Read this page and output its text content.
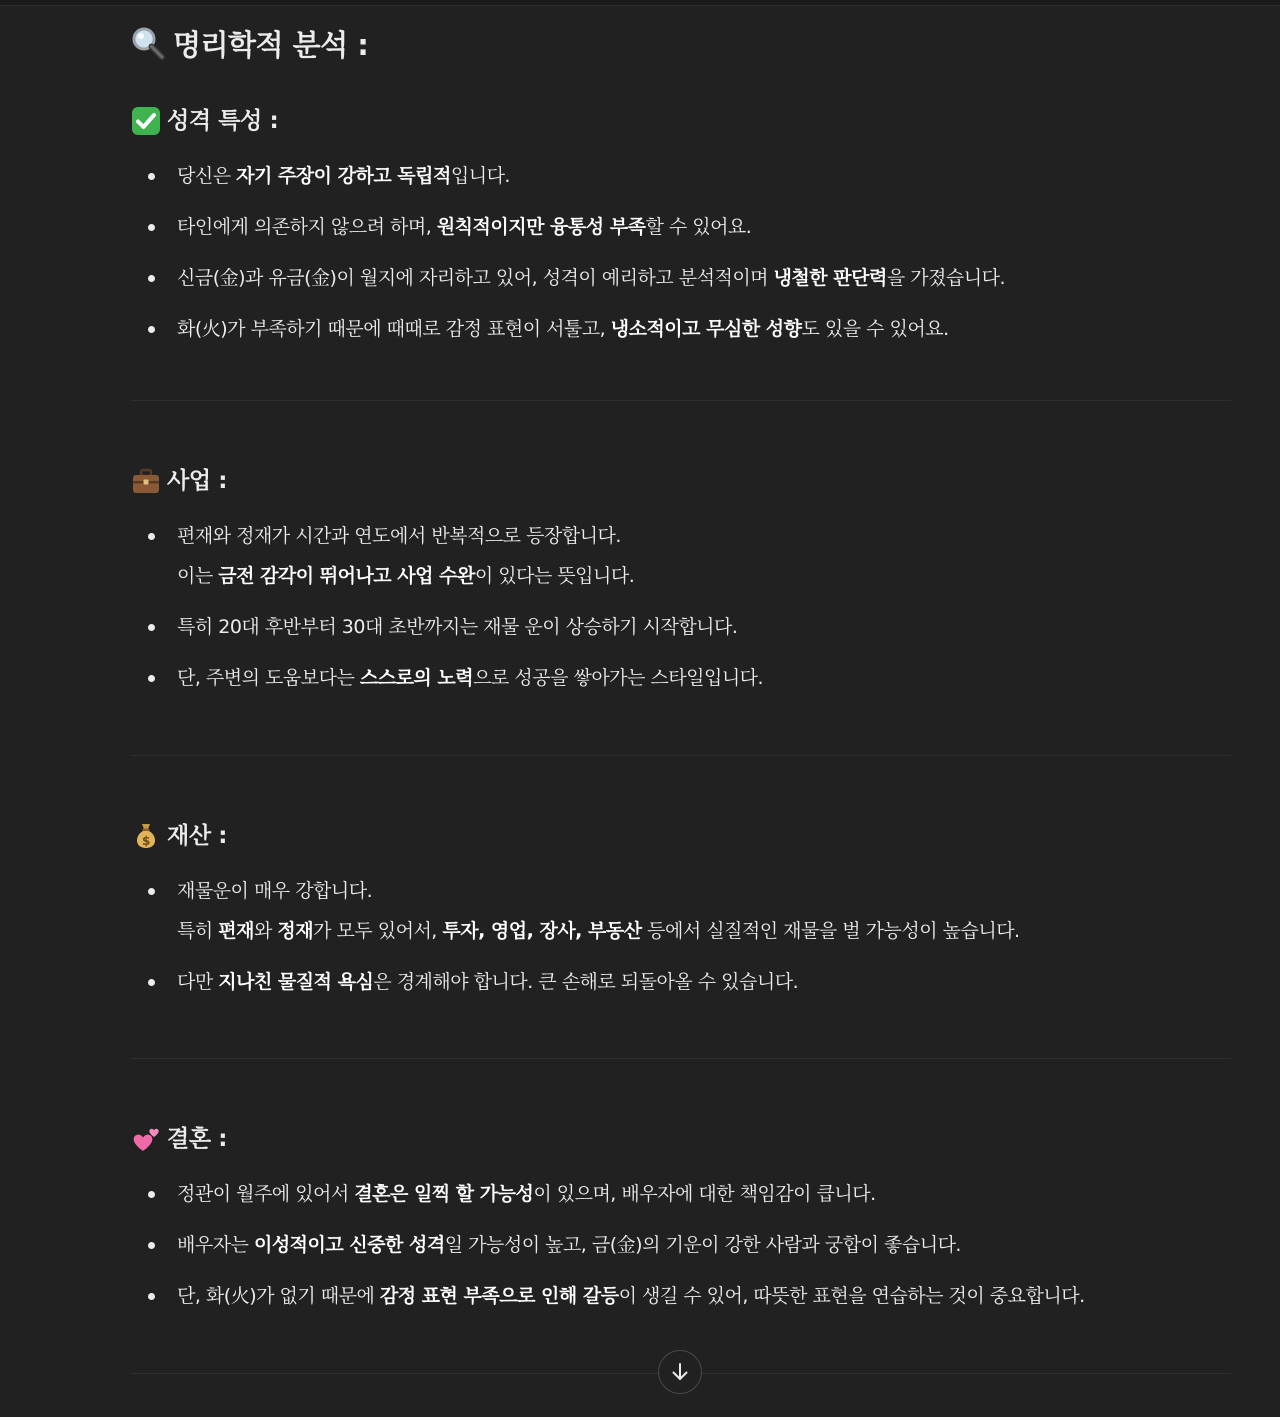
명리학적 분석 :
성격 특성 :
당신은 자기 주장이 강하고 독립적입니다.
타인에게 의존하지 않으려 하며, 원칙적이지만 융통성 부족할 수 있어요.
신금(金)과 유금(金)이 월지에 자리하고 있어, 성격이 예리하고 분석적이며 냉철한 판단력을 가졌습니다.
화(火)가 부족하기 때문에 때때로 감정 표현이 서툴고, 냉소적이고 무심한 성향도 있을 수 있어요.
사업 :
편재와 정재가 시간과 연도에서 반복적으로 등장합니다.
이는 금전 감각이 뛰어나고 사업 수완이 있다는 뜻입니다.
특히 20대 후반부터 30대 초반까지는 재물 운이 상승하기 시작합니다.
단, 주변의 도움보다는 스스로의 노력으로 성공을 쌓아가는 스타일입니다.
$ 재산 :
재물운이 매우 강합니다.
특히 편재와 정재가 모두 있어서, 투자, 영업, 장사, 부동산 등에서 실질적인 재물을 벌 가능성이 높습니다.
다만 지나친 물질적 욕심은 경계해야 합니다. 큰 손해로 되돌아올 수 있습니다.
결혼 :
정관이 월주에 있어서 결혼은 일찍 할 가능성이 있으며, 배우자에 대한 책임감이 큽니다.
배우자는 이성적이고 신중한 성격일 가능성이 높고, 금(金)의 기운이 강한 사람과 궁합이 좋습니다.
단, 화(火)가 없기 때문에 감정 표현 부족으로 인해 갈등이 생길 수 있어, 따뜻한 표현을 연습하는 것이 중요합니다.
